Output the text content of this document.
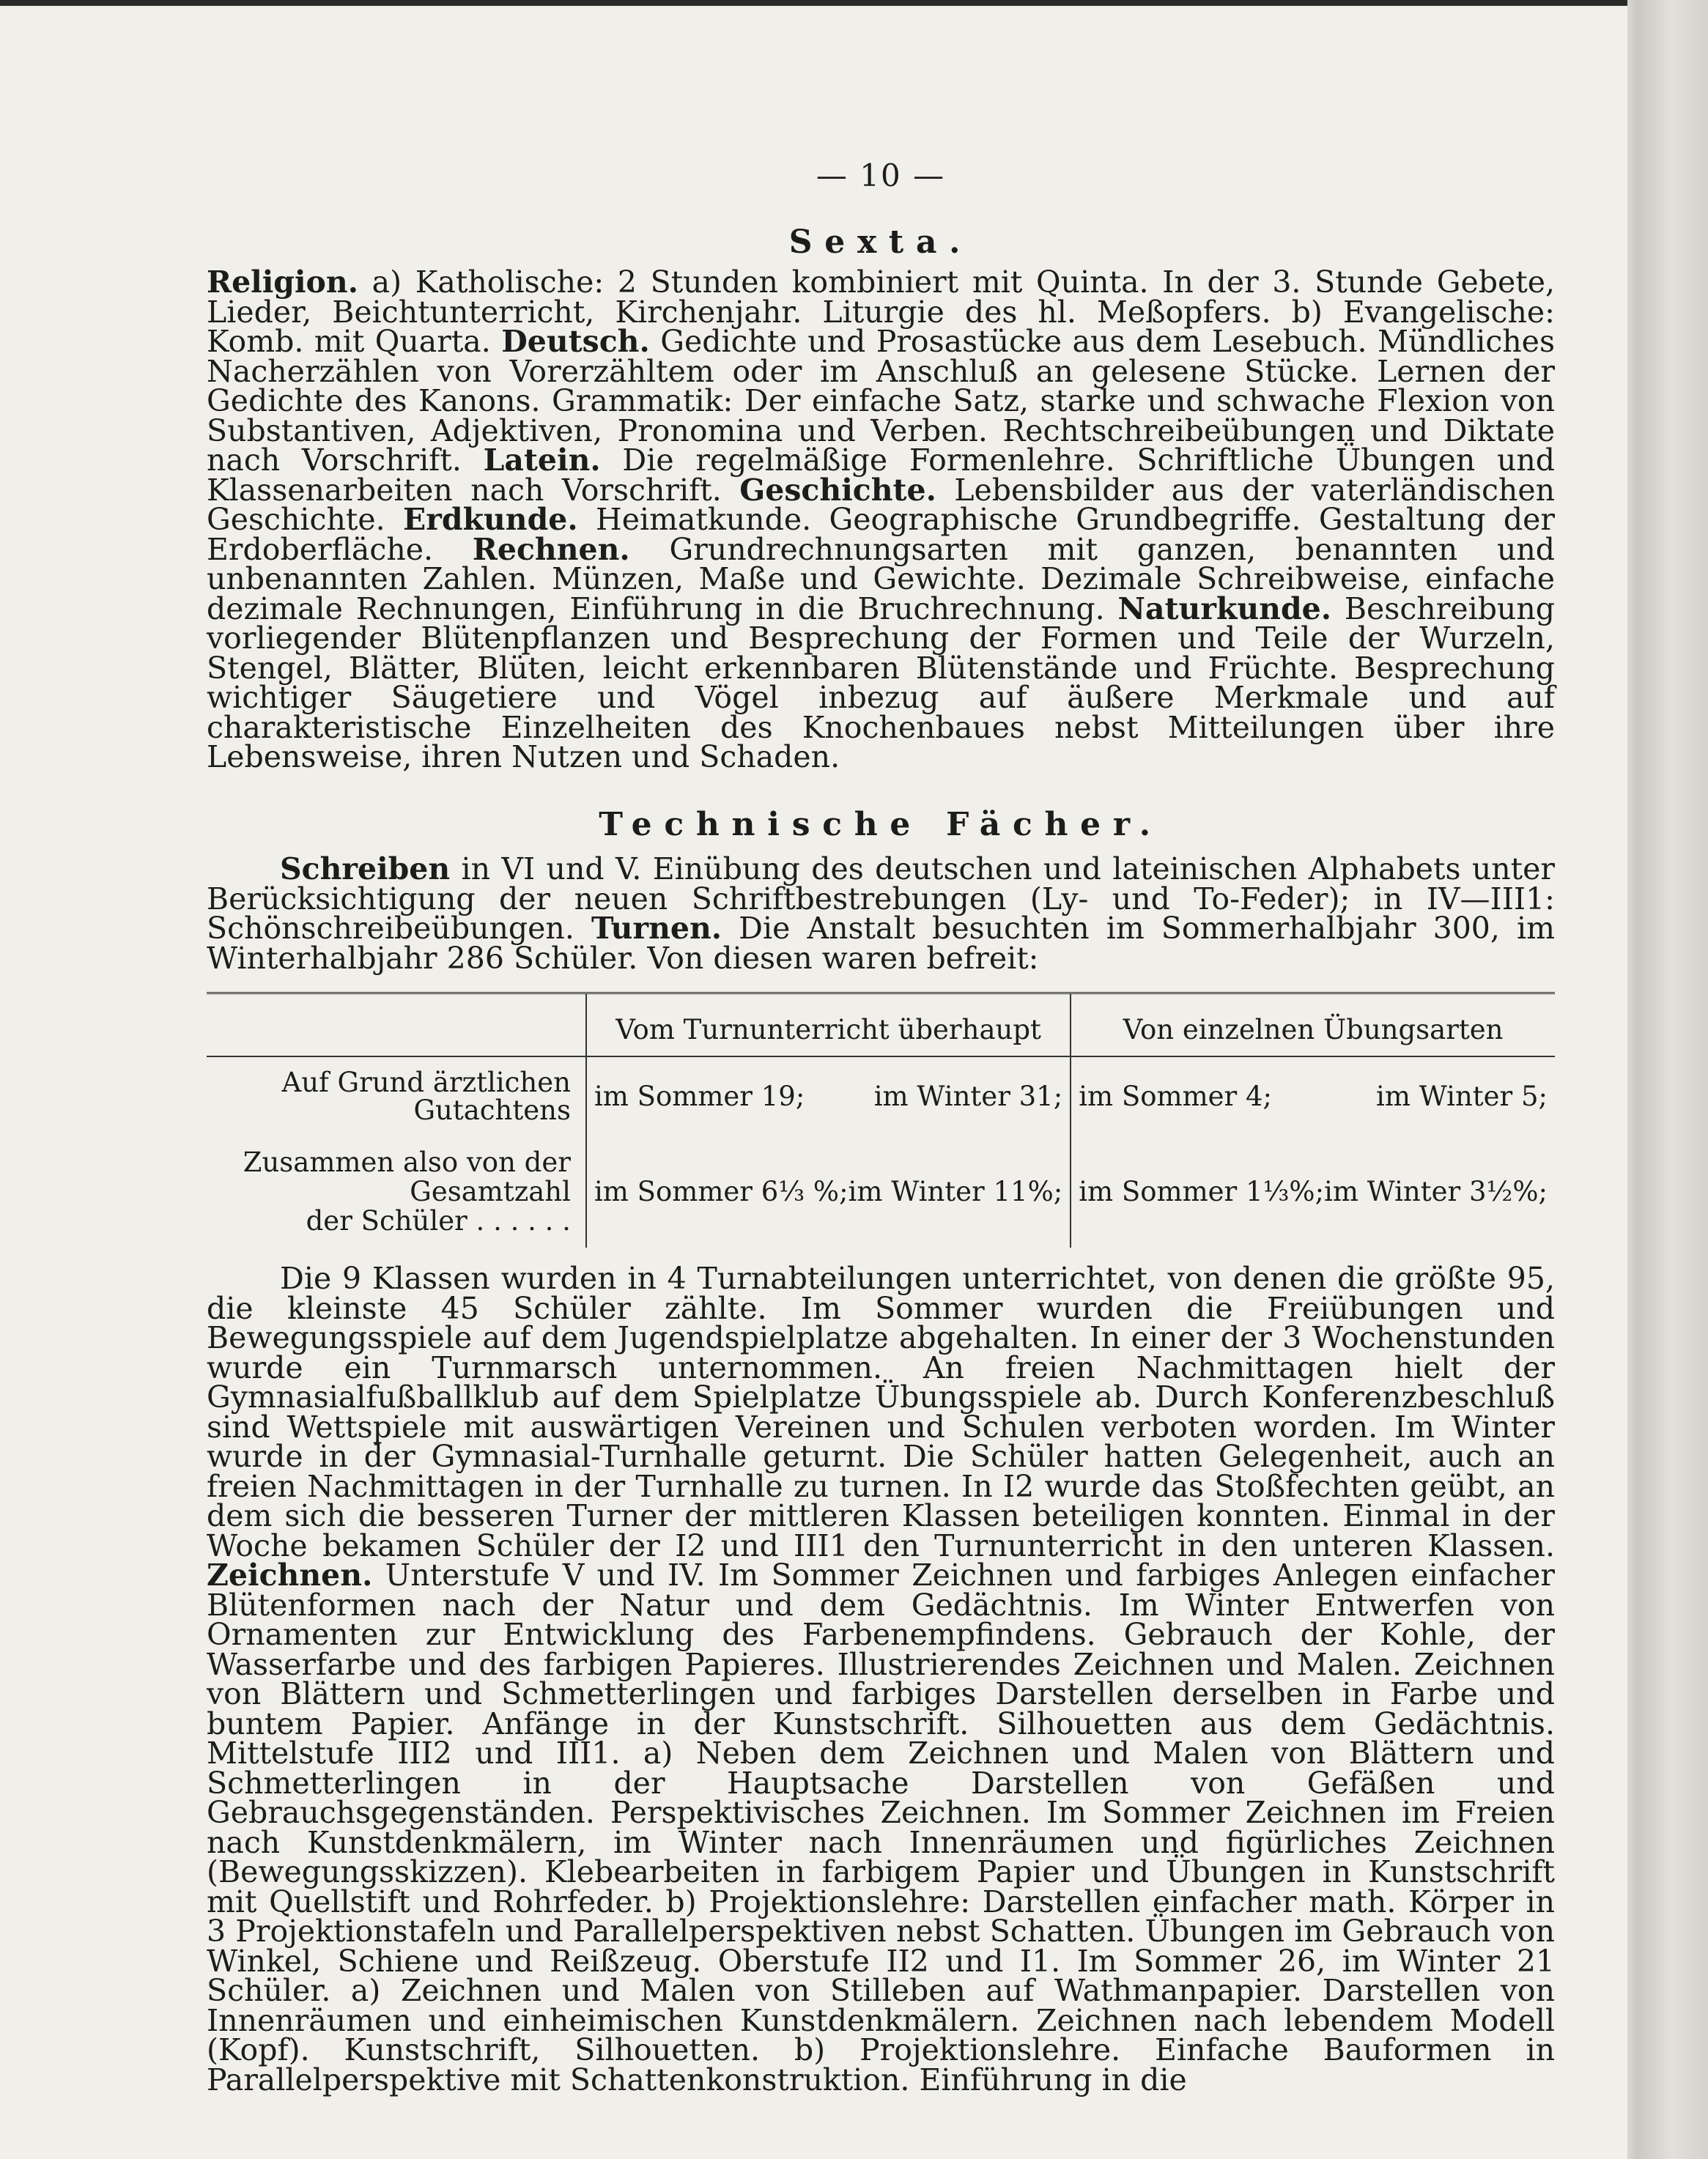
— 10 —
Sexta.

Religion. a) Katholische: 2 Stunden kombiniert mit Quinta. In der 3. Stunde Gebete, Lieder, Beichtunterricht, Kirchenjahr. Liturgie des hl. Meßopfers. b) Evangelische: Komb. mit Quarta. Deutsch. Gedichte und Prosastücke aus dem Lesebuch. Mündliches Nacherzählen von Vorerzähltem oder im Anschluß an gelesene Stücke. Lernen der Gedichte des Kanons. Grammatik: Der einfache Satz, starke und schwache Flexion von Substantiven, Adjektiven, Pronomina und Verben. Rechtschreibeübungen und Diktate nach Vorschrift. Latein. Die regelmäßige Formenlehre. Schriftliche Übungen und Klassenarbeiten nach Vorschrift. Geschichte. Lebensbilder aus der vaterländischen Geschichte. Erdkunde. Heimatkunde. Geographische Grundbegriffe. Gestaltung der Erdoberfläche. Rechnen. Grundrechnungsarten mit ganzen, benannten und unbenannten Zahlen. Münzen, Maße und Gewichte. Dezimale Schreibweise, einfache dezimale Rechnungen, Einführung in die Bruchrechnung. Naturkunde. Beschreibung vorliegender Blütenpflanzen und Besprechung der Formen und Teile der Wurzeln, Stengel, Blätter, Blüten, leicht erkennbaren Blütenstände und Früchte. Besprechung wichtiger Säugetiere und Vögel inbezug auf äußere Merkmale und auf charakteristische Einzelheiten des Knochenbaues nebst Mitteilungen über ihre Lebensweise, ihren Nutzen und Schaden.

Technische Fächer.

Schreiben in VI und V. Einübung des deutschen und lateinischen Alphabets unter Berücksichtigung der neuen Schriftbestrebungen (Ly- und To-Feder); in IV—III1: Schönschreibeübungen. Turnen. Die Anstalt besuchten im Sommerhalbjahr 300, im Winterhalbjahr 286 Schüler. Von diesen waren befreit:

	Vom Turnunterricht überhaupt	Von einzelnen Übungsarten
Auf Grund ärztlichen Gutachtens	im Sommer 19; im Winter 31;	im Sommer 4; im Winter 5;

Zusammen also von der Gesamtzahl
der Schüler . . . . . .	im Sommer 6⅓ %; im Winter 11%;	im Sommer 1⅓%; im Winter 3½%;

Die 9 Klassen wurden in 4 Turnabteilungen unterrichtet, von denen die größte 95, die kleinste 45 Schüler zählte. Im Sommer wurden die Freiübungen und Bewegungsspiele auf dem Jugendspielplatze abgehalten. In einer der 3 Wochenstunden wurde ein Turnmarsch unternommen. An freien Nachmittagen hielt der Gymnasialfußballklub auf dem Spielplatze Übungsspiele ab. Durch Konferenzbeschluß sind Wettspiele mit auswärtigen Vereinen und Schulen verboten worden. Im Winter wurde in der Gymnasial-Turnhalle geturnt. Die Schüler hatten Gelegenheit, auch an freien Nachmittagen in der Turnhalle zu turnen. In I2 wurde das Stoßfechten geübt, an dem sich die besseren Turner der mittleren Klassen beteiligen konnten. Einmal in der Woche bekamen Schüler der I2 und III1 den Turnunterricht in den unteren Klassen. Zeichnen. Unterstufe V und IV. Im Sommer Zeichnen und farbiges Anlegen einfacher Blütenformen nach der Natur und dem Gedächtnis. Im Winter Entwerfen von Ornamenten zur Entwicklung des Farbenempfindens. Gebrauch der Kohle, der Wasserfarbe und des farbigen Papieres. Illustrierendes Zeichnen und Malen. Zeichnen von Blättern und Schmetterlingen und farbiges Darstellen derselben in Farbe und buntem Papier. Anfänge in der Kunstschrift. Silhouetten aus dem Gedächtnis. Mittelstufe III2 und III1. a) Neben dem Zeichnen und Malen von Blättern und Schmetterlingen in der Hauptsache Darstellen von Gefäßen und Gebrauchsgegenständen. Perspektivisches Zeichnen. Im Sommer Zeichnen im Freien nach Kunstdenkmälern, im Winter nach Innenräumen und figürliches Zeichnen (Bewegungsskizzen). Klebearbeiten in farbigem Papier und Übungen in Kunstschrift mit Quellstift und Rohrfeder. b) Projektionslehre: Darstellen einfacher math. Körper in 3 Projektionstafeln und Parallelperspektiven nebst Schatten. Übungen im Gebrauch von Winkel, Schiene und Reißzeug. Oberstufe II2 und I1. Im Sommer 26, im Winter 21 Schüler. a) Zeichnen und Malen von Stilleben auf Wathmanpapier. Darstellen von Innenräumen und einheimischen Kunstdenkmälern. Zeichnen nach lebendem Modell (Kopf). Kunstschrift, Silhouetten. b) Projektionslehre. Einfache Bauformen in Parallelperspektive mit Schattenkonstruktion. Einführung in die
